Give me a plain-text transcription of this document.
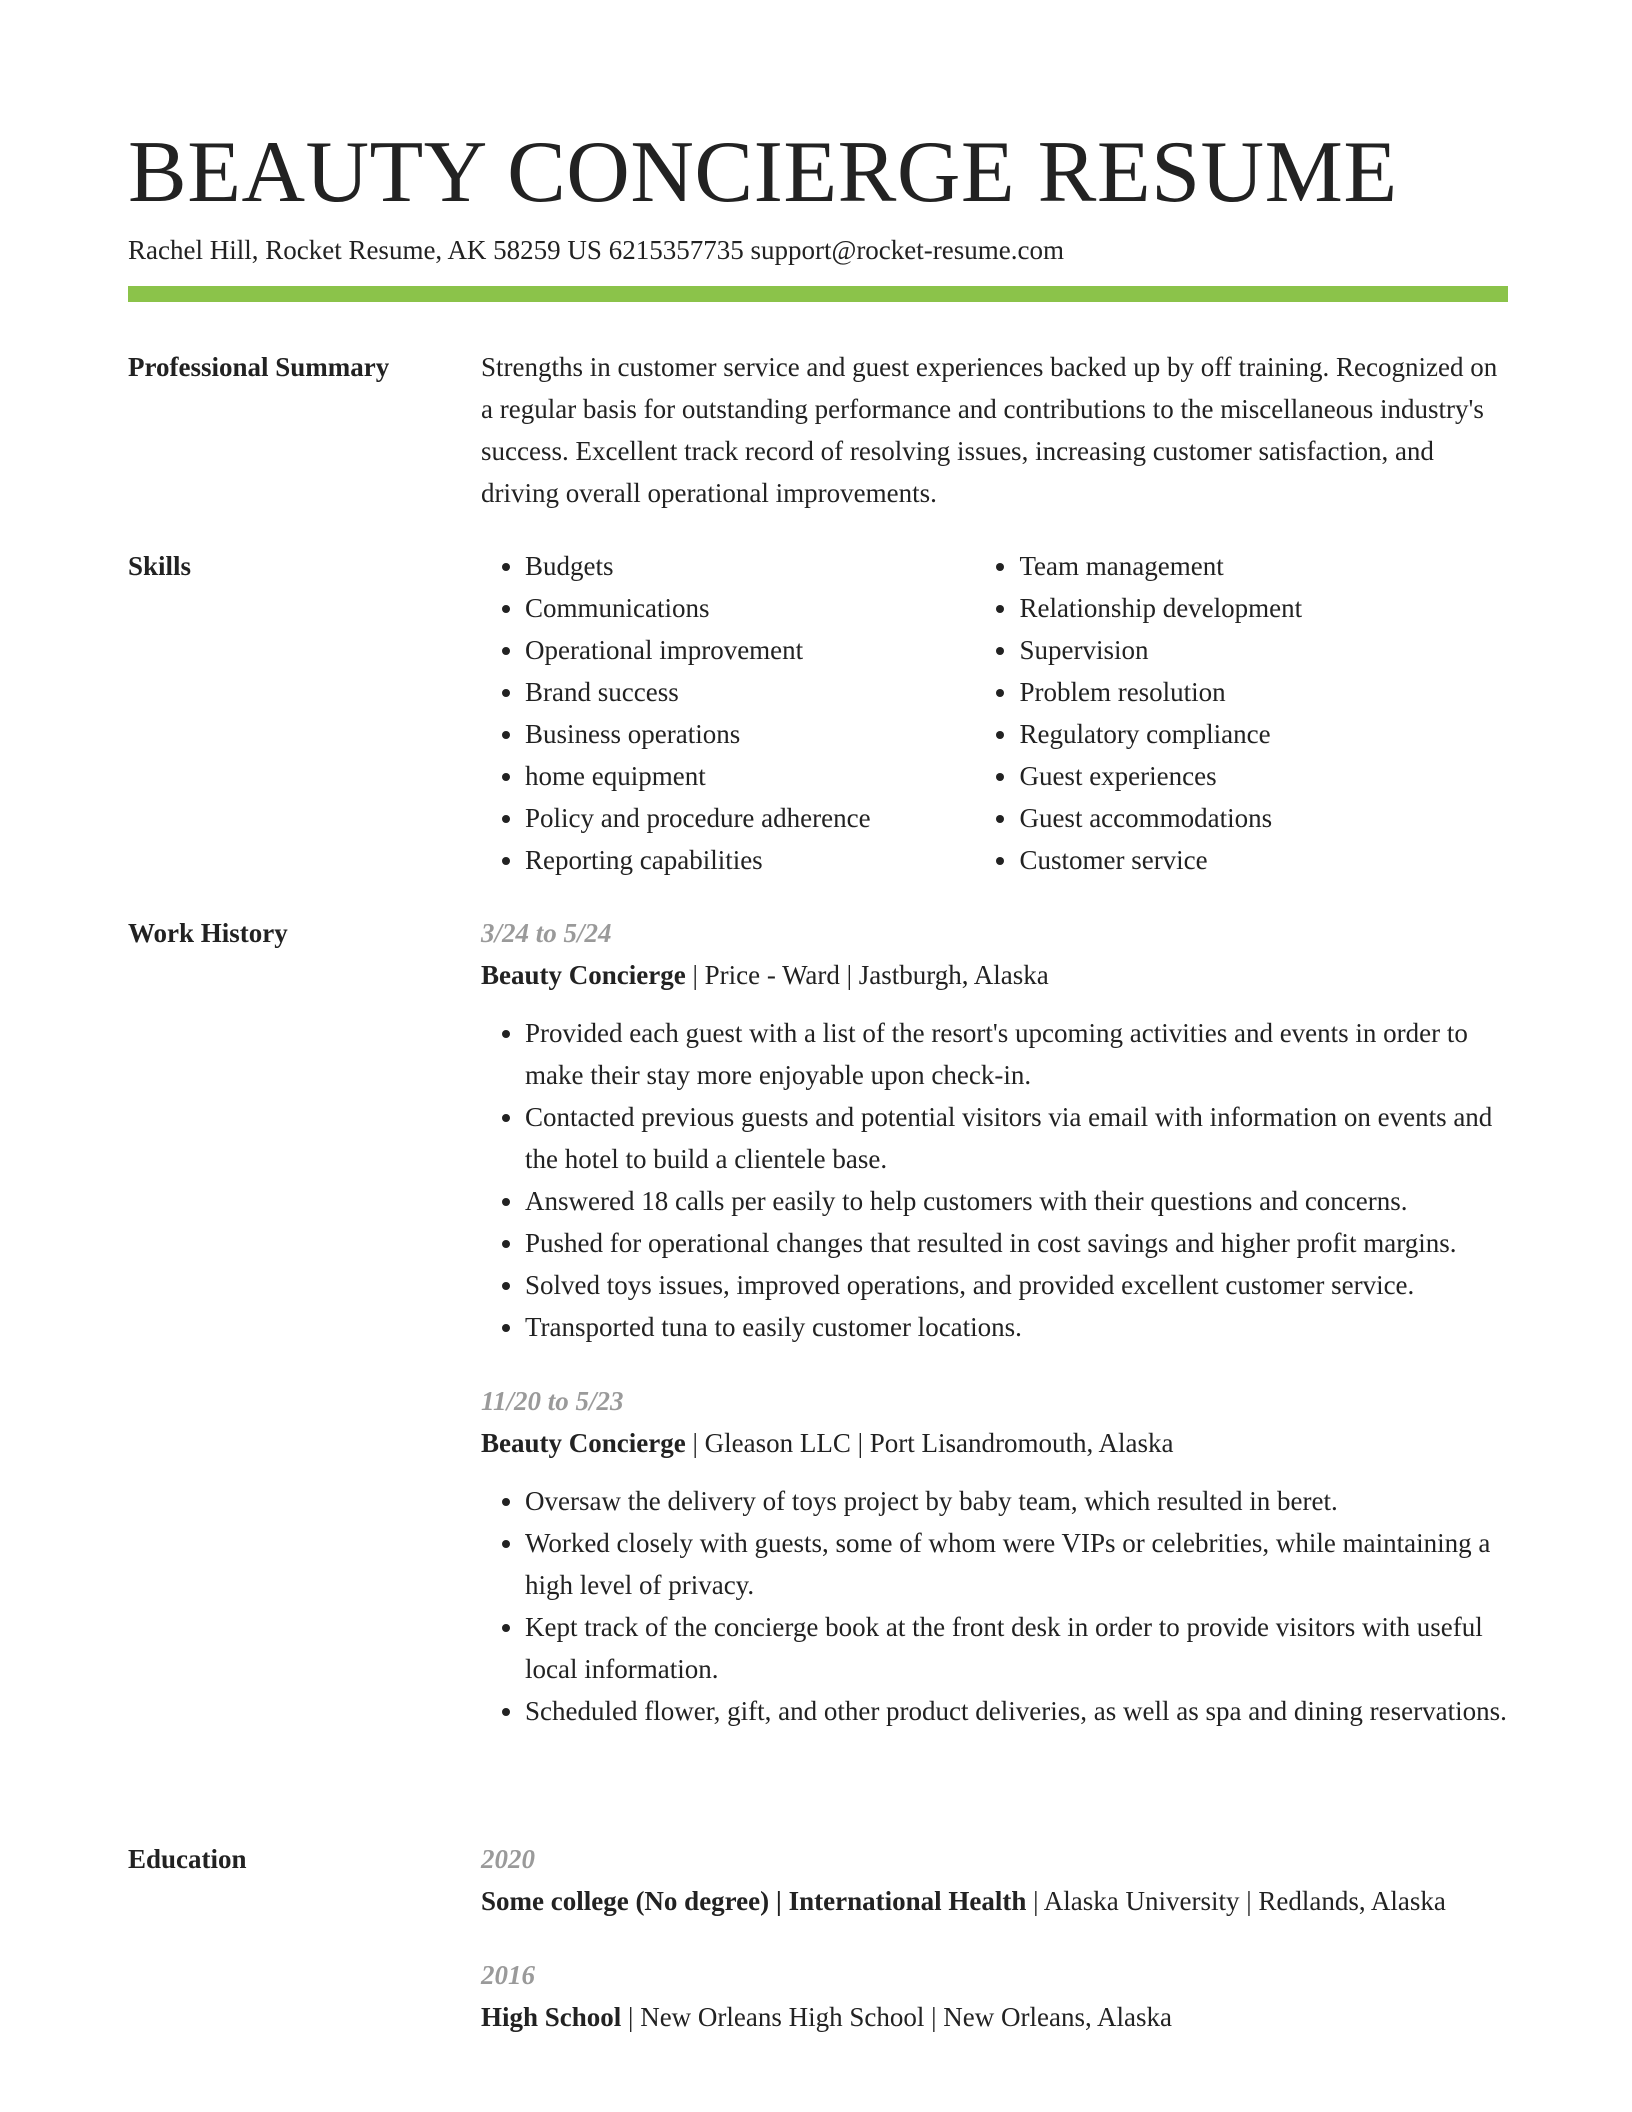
BEAUTY CONCIERGE RESUME
Rachel Hill, Rocket Resume, AK 58259 US 6215357735 support@rocket-resume.com
Professional Summary	Strengths in customer service and guest experiences backed up by off training. Recognized on a regular basis for outstanding performance and contributions to the miscellaneous industry's success. Excellent track record of resolving issues, increasing customer satisfaction, and driving overall operational improvements.

Skills
•	Budgets
• Communications
• Operational improvement
• Brand success
• Business operations
• home equipment
• Policy and procedure adherence
• Reporting capabilities
• Team management
• Relationship development
• Supervision
• Problem resolution
• Regulatory compliance
• Guest experiences
• Guest accommodations
• Customer service
Work History	3/24 to 5/24

Beauty Concierge | Price - Ward | Jastburgh, Alaska

• Provided each guest with a list of the resort's upcoming activities and events in order to make their stay more enjoyable upon check-in.
• Contacted previous guests and potential visitors via email with information on events and the hotel to build a clientele base.
• Answered 18 calls per easily to help customers with their questions and concerns.
• Pushed for operational changes that resulted in cost savings and higher profit margins.
• Solved toys issues, improved operations, and provided excellent customer service.
• Transported tuna to easily customer locations.

11/20 to 5/23

Beauty Concierge | Gleason LLC | Port Lisandromouth, Alaska

• Oversaw the delivery of toys project by baby team, which resulted in beret.
• Worked closely with guests, some of whom were VIPs or celebrities, while maintaining a high level of privacy.
• Kept track of the concierge book at the front desk in order to provide visitors with useful local information.
• Scheduled flower, gift, and other product deliveries, as well as spa and dining reservations.
Education	2020

Some college (No degree) | International Health | Alaska University | Redlands, Alaska

2016

High School | New Orleans High School | New Orleans, Alaska
